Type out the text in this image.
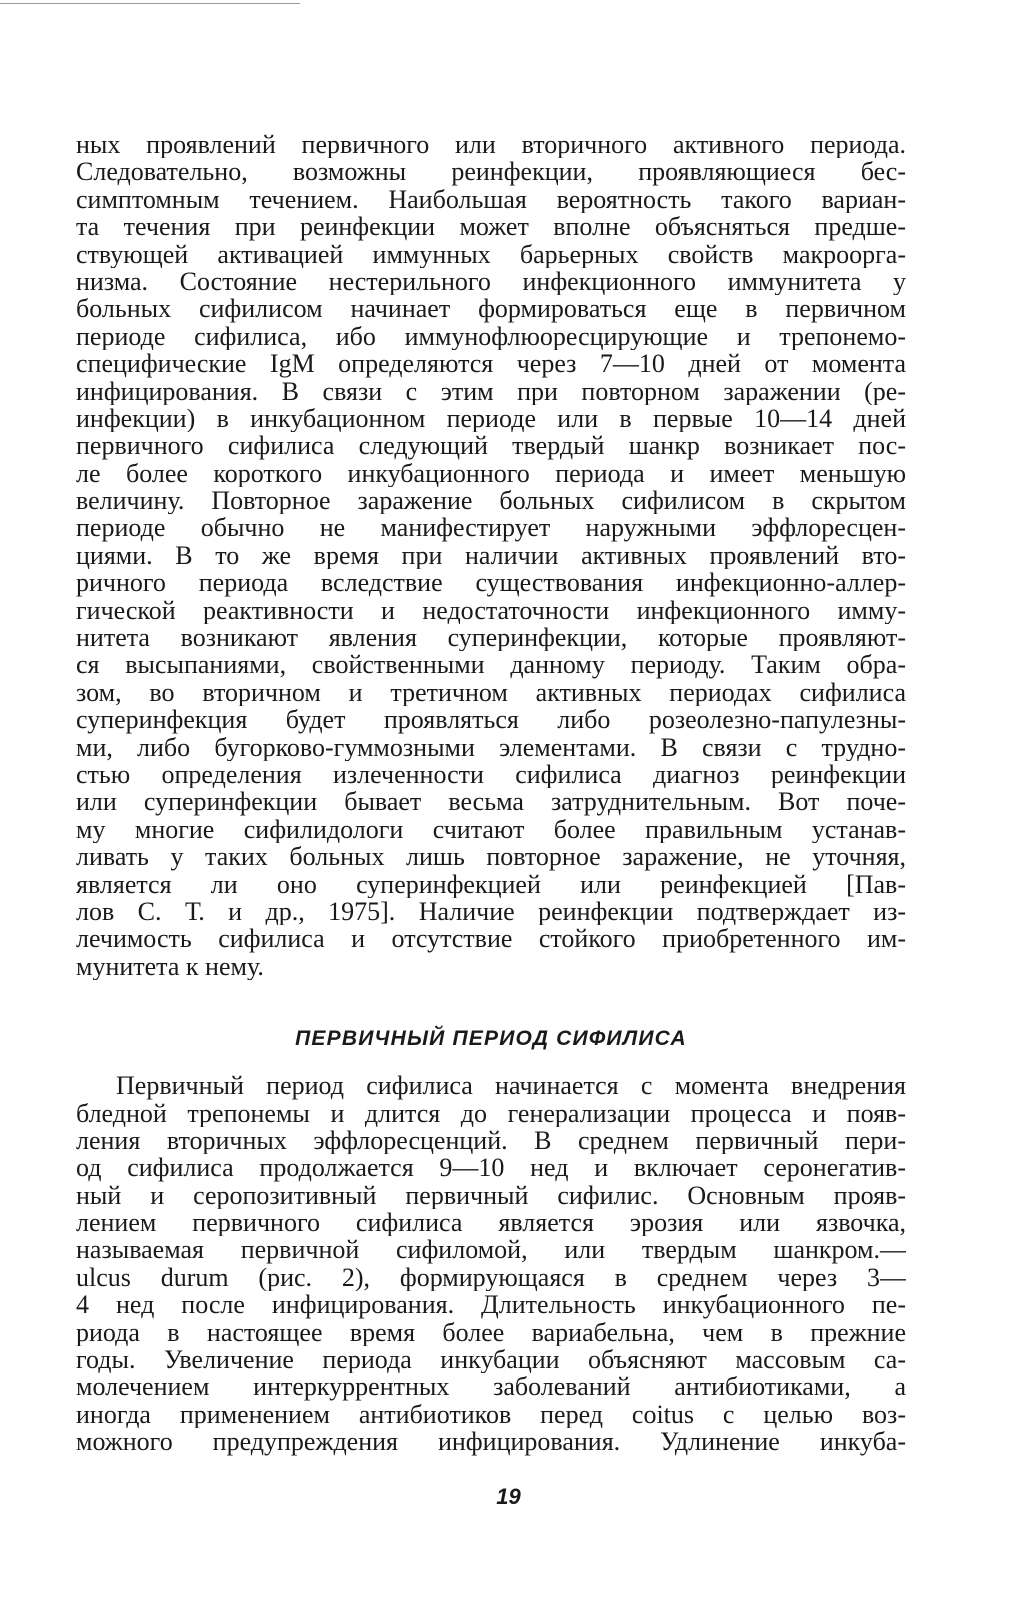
ных проявлений первичного или вторичного активного периода.
Следовательно, возможны реинфекции, проявляющиеся бес-
симптомным течением. Наибольшая вероятность такого вариан-
та течения при реинфекции может вполне объясняться предше-
ствующей активацией иммунных барьерных свойств макроорга-
низма. Состояние нестерильного инфекционного иммунитета у
больных сифилисом начинает формироваться еще в первичном
периоде сифилиса, ибо иммунофлюоресцирующие и трепонемо-
специфические IgM определяются через 7—10 дней от момента
инфицирования. В связи с этим при повторном заражении (ре-
инфекции) в инкубационном периоде или в первые 10—14 дней
первичного сифилиса следующий твердый шанкр возникает пос-
ле более короткого инкубационного периода и имеет меньшую
величину. Повторное заражение больных сифилисом в скрытом
периоде обычно не манифестирует наружными эффлоресцен-
циями. В то же время при наличии активных проявлений вто-
ричного периода вследствие существования инфекционно-аллер-
гической реактивности и недостаточности инфекционного имму-
нитета возникают явления суперинфекции, которые проявляют-
ся высыпаниями, свойственными данному периоду. Таким обра-
зом, во вторичном и третичном активных периодах сифилиса
суперинфекция будет проявляться либо розеолезно-папулезны-
ми, либо бугорково-гуммозными элементами. В связи с трудно-
стью определения излеченности сифилиса диагноз реинфекции
или суперинфекции бывает весьма затруднительным. Вот поче-
му многие сифилидологи считают более правильным устанав-
ливать у таких больных лишь повторное заражение, не уточняя,
является ли оно суперинфекцией или реинфекцией [Пав-
лов С. Т. и др., 1975]. Наличие реинфекции подтверждает из-
лечимость сифилиса и отсутствие стойкого приобретенного им-
мунитета к нему.
ПЕРВИЧНЫЙ ПЕРИОД СИФИЛИСА
Первичный период сифилиса начинается с момента внедрения
бледной трепонемы и длится до генерализации процесса и появ-
ления вторичных эффлоресценций. В среднем первичный пери-
од сифилиса продолжается 9—10 нед и включает серонегатив-
ный и серопозитивный первичный сифилис. Основным прояв-
лением первичного сифилиса является эрозия или язвочка,
называемая первичной сифиломой, или твердым шанкром.—
ulcus durum (рис. 2), формирующаяся в среднем через 3—
4 нед после инфицирования. Длительность инкубационного пе-
риода в настоящее время более вариабельна, чем в прежние
годы. Увеличение периода инкубации объясняют массовым са-
молечением интеркуррентных заболеваний антибиотиками, а
иногда применением антибиотиков перед coitus с целью воз-
можного предупреждения инфицирования. Удлинение инкуба-
19
